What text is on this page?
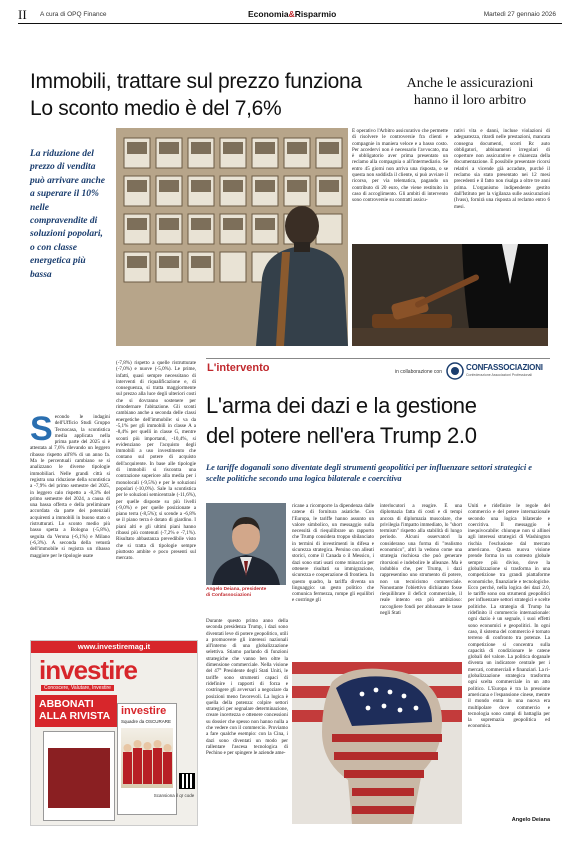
II A cura di OPQ Finance	Economia&Risparmio	Martedì 27 gennaio 2026
Immobili, trattare sul prezzo funziona
Lo sconto medio è del 7,6%
Anche le assicurazioni hanno il loro arbitro
La riduzione del prezzo di vendita può arrivare anche a superare il 10% nelle compravendite di soluzioni popolari, o con classe energetica più bassa
È operativo l'Arbitro assicurativo che permette di risolvere le controversie fra clienti e compagnie in maniera veloce e a basso costo. Per accedervi non è necessario l'avvocato, ma è obbligatorio aver prima presentato un reclamo alla compagnia o all'intermediario. Se entro 45 giorni non arriva una risposta, o se questa non soddisfa il cliente, si può avviare il ricorso, per via telematica, pagando un contributo di 20 euro, che viene restituito in caso di accoglimento. Gli ambiti di intervento sono controversie su contratti assicu-
rativi vita e danni, incluse violazioni di adeguatezza, ritardi nelle prestazioni, mancata consegna documenti, scorri Rc auto obbligatori, abbinamenti irregolari di coperture non assicurative e chiarezza della documentazione. È possibile presentare ricorsi relativi a vicende già accadute, purché il reclamo sia stato presentato nei 12 mesi precedenti e il fatto non risalga a oltre tre anni prima. L'organismo indipendente gestito dall'Istituto per la vigilanza sulle assicurazioni (Ivass), fornirà una risposta al reclamo entro 6 mesi.
Secondo le indagini dell'Ufficio Studi Gruppo Tecnocasa, la scontistica media applicata nella prima parte del 2025 si è attestata al 7,6% rilevando un leggero ribasso rispetto all'8% di un anno fa. Ma le percentuali cambiano se si analizzano le diverse tipologie immobiliari. Nelle grandi città si registra una riduzione della scontistica a -7,9% del primo semestre del 2025, in leggero calo rispetto a -8,3% del primo semestre del 2024, a causa di una bassa offerta e della preliminare accordata da parte dei potenziali acquirenti a immobili in buono stato o ristrutturati. Lo sconto medio più basso spetta a Bologna (-5,8%), seguita da Verona (-6,1%) e Milano (-6,3%). A seconda della vetustà dell'immobile si registra un ribasso maggiore per le tipologie usate
(-7,8%) rispetto a quelle ristrutturate (-7,0%) e nuove (-5,0%). Le prime, infatti, quasi sempre necessitano di interventi di riqualificazione e, di conseguenza, si tratta maggiormente sul prezzo alla luce degli ulteriori costi che si dovranno sostenere per rimodernare l'abitazione. Gli sconti cambiano anche a seconda delle classi energetiche dell'immobile: si va da -5,1% per gli immobili in classe A a -8,4% per quelli in classe G, mentre sconti più importanti, -10,4%, si evidenziano per l'acquisto degli immobili a uso investimento che contano sul potere di acquisto dell'acquirente. In base alle tipologie di immobili si riscontra una contrazione superiore alla media per i monolocali (-9,5%) e per le soluzioni popolari (-10,0%). Sale la scontistica per le soluzioni semicentrale (-11,6%), per quelle disposte su più livelli (-9,0%) e per quelle posizionate a piano terra (-8,5%); si scende a -6,8% se il piano terra è dotato di giardino. I piani alti e gli ultimi piani hanno ribassi più contenuti (-7,2% e -7,1%). Risultato abbastanza prevedibile visto che si tratta di tipologie sempre piuttosto ambite e poco presenti sul mercato.
www.investiremag.it
investire
Conoscere, Valutare, Investire
ABBONATI
ALLA RIVISTA investire
Squadre da OSCURARE
Scansiona il qr code
L'intervento	in collaborazione con	CONFASSOCIAZIONI
Confederazione Associazioni Professionali
L'arma dei dazi e la gestione
del potere nell'era Trump 2.0
Le tariffe doganali sono diventate degli strumenti geopolitici per influenzare settori strategici e scelte politiche secondo una logica bilaterale e coercitiva
Angelo Deiana, presidente
di Confassociazioni
Durante questo primo anno della seconda presidenza Trump, i dazi sono diventati leve di potere geopolitico, utili a promuovere gli interessi nazionali all'interno di una globalizzazione selettiva. Stiamo parlando di funzioni strategiche che vanno ben oltre la dimensione commerciale. Nella visione del 47° Presidente degli Stati Uniti, le tariffe sono strumenti capaci di ridefinire i rapporti di forza e costringere gli avversari a negoziare da posizioni meno favorevoli. La logica è quella della potenza: colpire settori strategici per segnalare determinazione, creare incertezza e ottenere concessioni su dossier che spesso non hanno nulla a che vedere con il commercio. Proviamo a fare qualche esempio: con la Cina, i dazi sono diventati un modo per rallentare l'ascesa tecnologica di Pechino e per spingere le aziende ame-
ricane a ricomporre la dipendenza dalle catene di fornitura asiatiche. Con l'Europa, le tariffe hanno assunto un valore simbolico, un messaggio sulla necessità di riequilibrare un rapporto che Trump considera troppo sbilanciato in termini di investimenti in difesa e sicurezza strategica. Persino con alleati storici, come il Canada o il Messico, i dazi sono stati usati come minaccia per ottenere risultati su immigrazione, sicurezza e cooperazione di frontiera. In questo quadro, la tariffa diventa un linguaggio: un gesto politico che comunica fermezza, rompe gli equilibri e costringe gli
interlocutori a reagire. È una diplomazia fatta di costi e di tempi ancora di diplomazia muscolare, che privilegia l'impatto immediato, lo "short termism" rispetto alla stabilità di lungo periodo. Alcuni osservatori la considerano una forma di "realismo economico", altri la vedono come una strategia rischiosa che può generare ritorsioni e indebolire le alleanze. Ma è indubbio che, per Trump, i dazi rappresentino uno strumento di potere, non un tecnicismo commerciale. Nonostante l'obiettivo dichiarato fosse riequilibrare il deficit commerciale, il reale intento era più ambizioso: raccogliere fondi per abbassare le tasse negli Stati
Uniti e ridefinire le regole del commercio e del potere internazionale secondo una logica bilaterale e coercitiva. Il messaggio è inequivocabile: chiunque non si allinei agli interessi strategici di Washington rischia l'esclusione dal mercato americano. Questa nuova visione prende forma in un contesto globale sempre più diviso, dove la globalizzazione si trasforma in una competizione tra grandi piattaforme economiche, finanziarie e tecnologiche. Ecco perché, nella logica dei dazi 2.0, le tariffe sono ora strumenti geopolitici per influenzare settori strategici e scelte politiche. La strategia di Trump ha ridefinito il commercio internazionale: ogni dazio è un segnale, i suoi effetti sono economici e geopolitici. In ogni caso, il sistema del commercio è tornato terreno di confronto tra potenze. La competizione si concentra sulla capacità di condizionare le catene globali del valore. La politica doganale diventa un indicatore centrale per i mercati, commerciali e finanziari. La ri-globalizzazione strategica trasforma ogni scelta commerciale in un atto politico. L'Europa è tra la pressione americana e l'espansione cinese, mentre il mondo entra in una nuova era multipolare dove commercio e tecnologia sono campi di battaglia per la supremazia geopolitica ed economica.
Angelo Deiana
